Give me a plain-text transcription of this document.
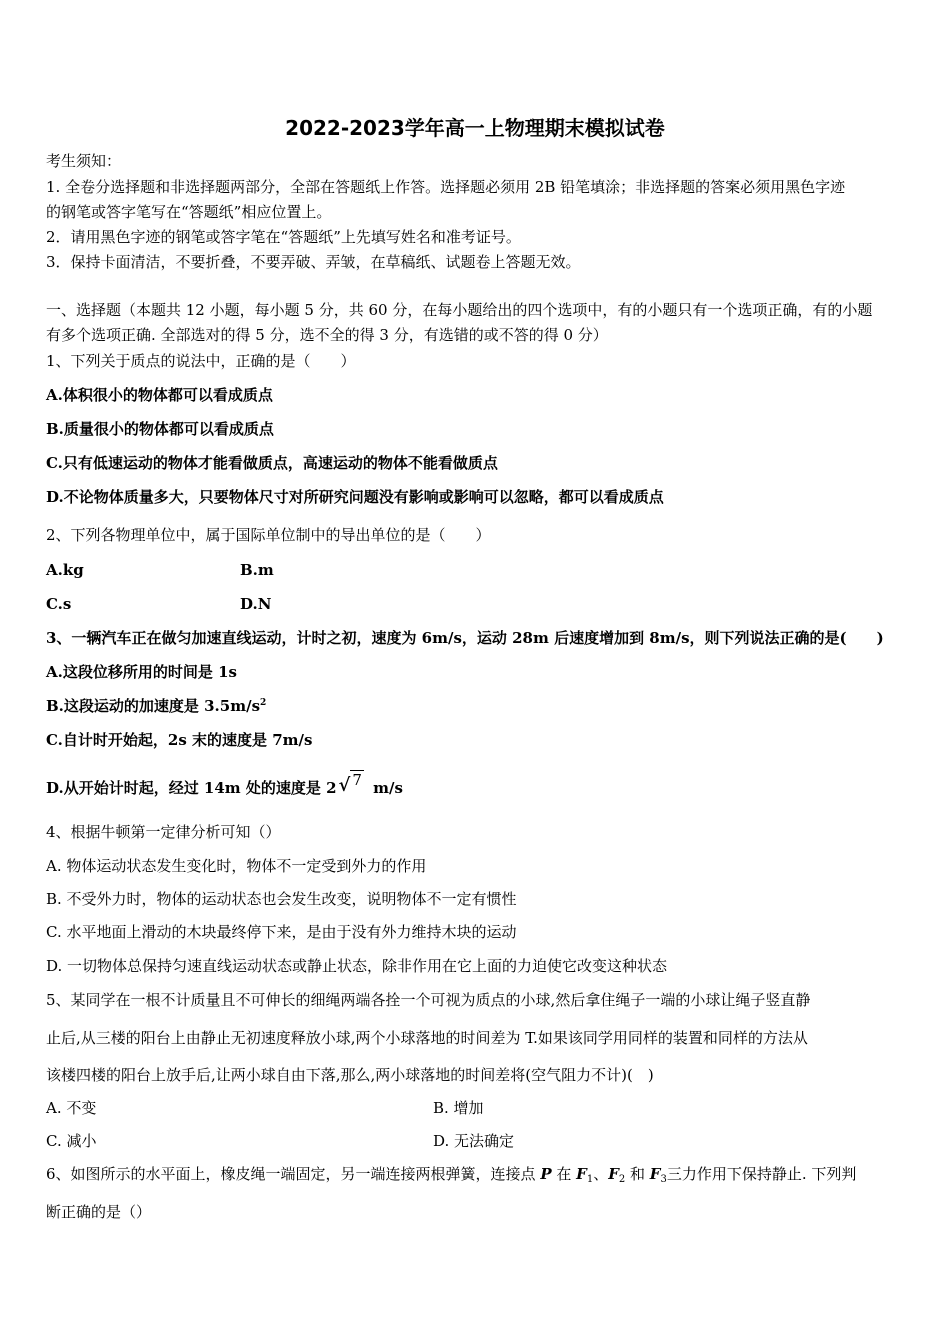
2022-2023学年高一上物理期末模拟试卷
考生须知：
1. 全卷分选择题和非选择题两部分，全部在答题纸上作答。选择题必须用 2B 铅笔填涂；非选择题的答案必须用黑色字迹
的钢笔或答字笔写在“答题纸”相应位置上。
2．请用黑色字迹的钢笔或答字笔在“答题纸”上先填写姓名和准考证号。
3．保持卡面清洁，不要折叠，不要弄破、弄皱，在草稿纸、试题卷上答题无效。
一、选择题（本题共 12 小题，每小题 5 分，共 60 分，在每小题给出的四个选项中，有的小题只有一个选项正确，有的小题
有多个选项正确. 全部选对的得 5 分，选不全的得 3 分，有选错的或不答的得 0 分）
1、下列关于质点的说法中，正确的是（　　）
A.体积很小的物体都可以看成质点
B.质量很小的物体都可以看成质点
C.只有低速运动的物体才能看做质点，高速运动的物体不能看做质点
D.不论物体质量多大，只要物体尺寸对所研究问题没有影响或影响可以忽略，都可以看成质点
2、下列各物理单位中，属于国际单位制中的导出单位的是（　　）
A.kg	B.m
C.s	D.N
3、一辆汽车正在做匀加速直线运动，计时之初，速度为 6m/s，运动 28m 后速度增加到 8m/s，则下列说法正确的是(　　)
A.这段位移所用的时间是 1s
B.这段运动的加速度是 $3.5m/s^2$
C.自计时开始起，2s 末的速度是 7m/s
D.从开始计时起，经过 14m 处的速度是 2 √ 7 m/s
4、根据牛顿第一定律分析可知（）
A. 物体运动状态发生变化时，物体不一定受到外力的作用
B. 不受外力时，物体的运动状态也会发生改变，说明物体不一定有惯性
C. 水平地面上滑动的木块最终停下来，是由于没有外力维持木块的运动
D. 一切物体总保持匀速直线运动状态或静止状态，除非作用在它上面的力迫使它改变这种状态
5、某同学在一根不计质量且不可伸长的细绳两端各拴一个可视为质点的小球,然后拿住绳子一端的小球让绳子竖直静
止后,从三楼的阳台上由静止无初速度释放小球,两个小球落地的时间差为 T.如果该同学用同样的装置和同样的方法从
该楼四楼的阳台上放手后,让两小球自由下落,那么,两小球落地的时间差将(空气阻力不计)(　)
A. 不变	B. 增加
C. 减小	D. 无法确定
6、如图所示的水平面上，橡皮绳一端固定，另一端连接两根弹簧，连接点 P 在 $F_1$、$F_2$ 和 $F_3$三力作用下保持静止. 下列判
断正确的是（）
